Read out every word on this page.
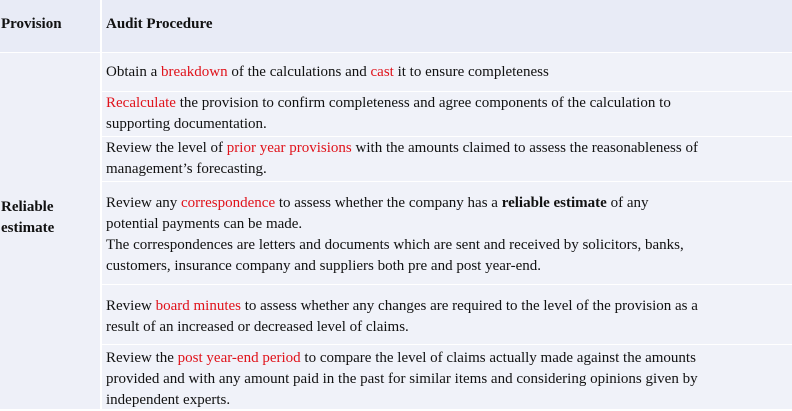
Provision	Audit Procedure
Reliable
estimate

Obtain a breakdown of the calculations and cast it to ensure completeness

Recalculate the provision to confirm completeness and agree components of the calculation to

supporting documentation.

Review the level of prior year provisions with the amounts claimed to assess the reasonableness of

management’s forecasting.

Review any correspondence to assess whether the company has a reliable estimate of any

potential payments can be made.

The correspondences are letters and documents which are sent and received by solicitors, banks,

customers, insurance company and suppliers both pre and post year-end.

Review board minutes to assess whether any changes are required to the level of the provision as a

result of an increased or decreased level of claims.

Review the post year-end period to compare the level of claims actually made against the amounts

provided and with any amount paid in the past for similar items and considering opinions given by

independent experts.
